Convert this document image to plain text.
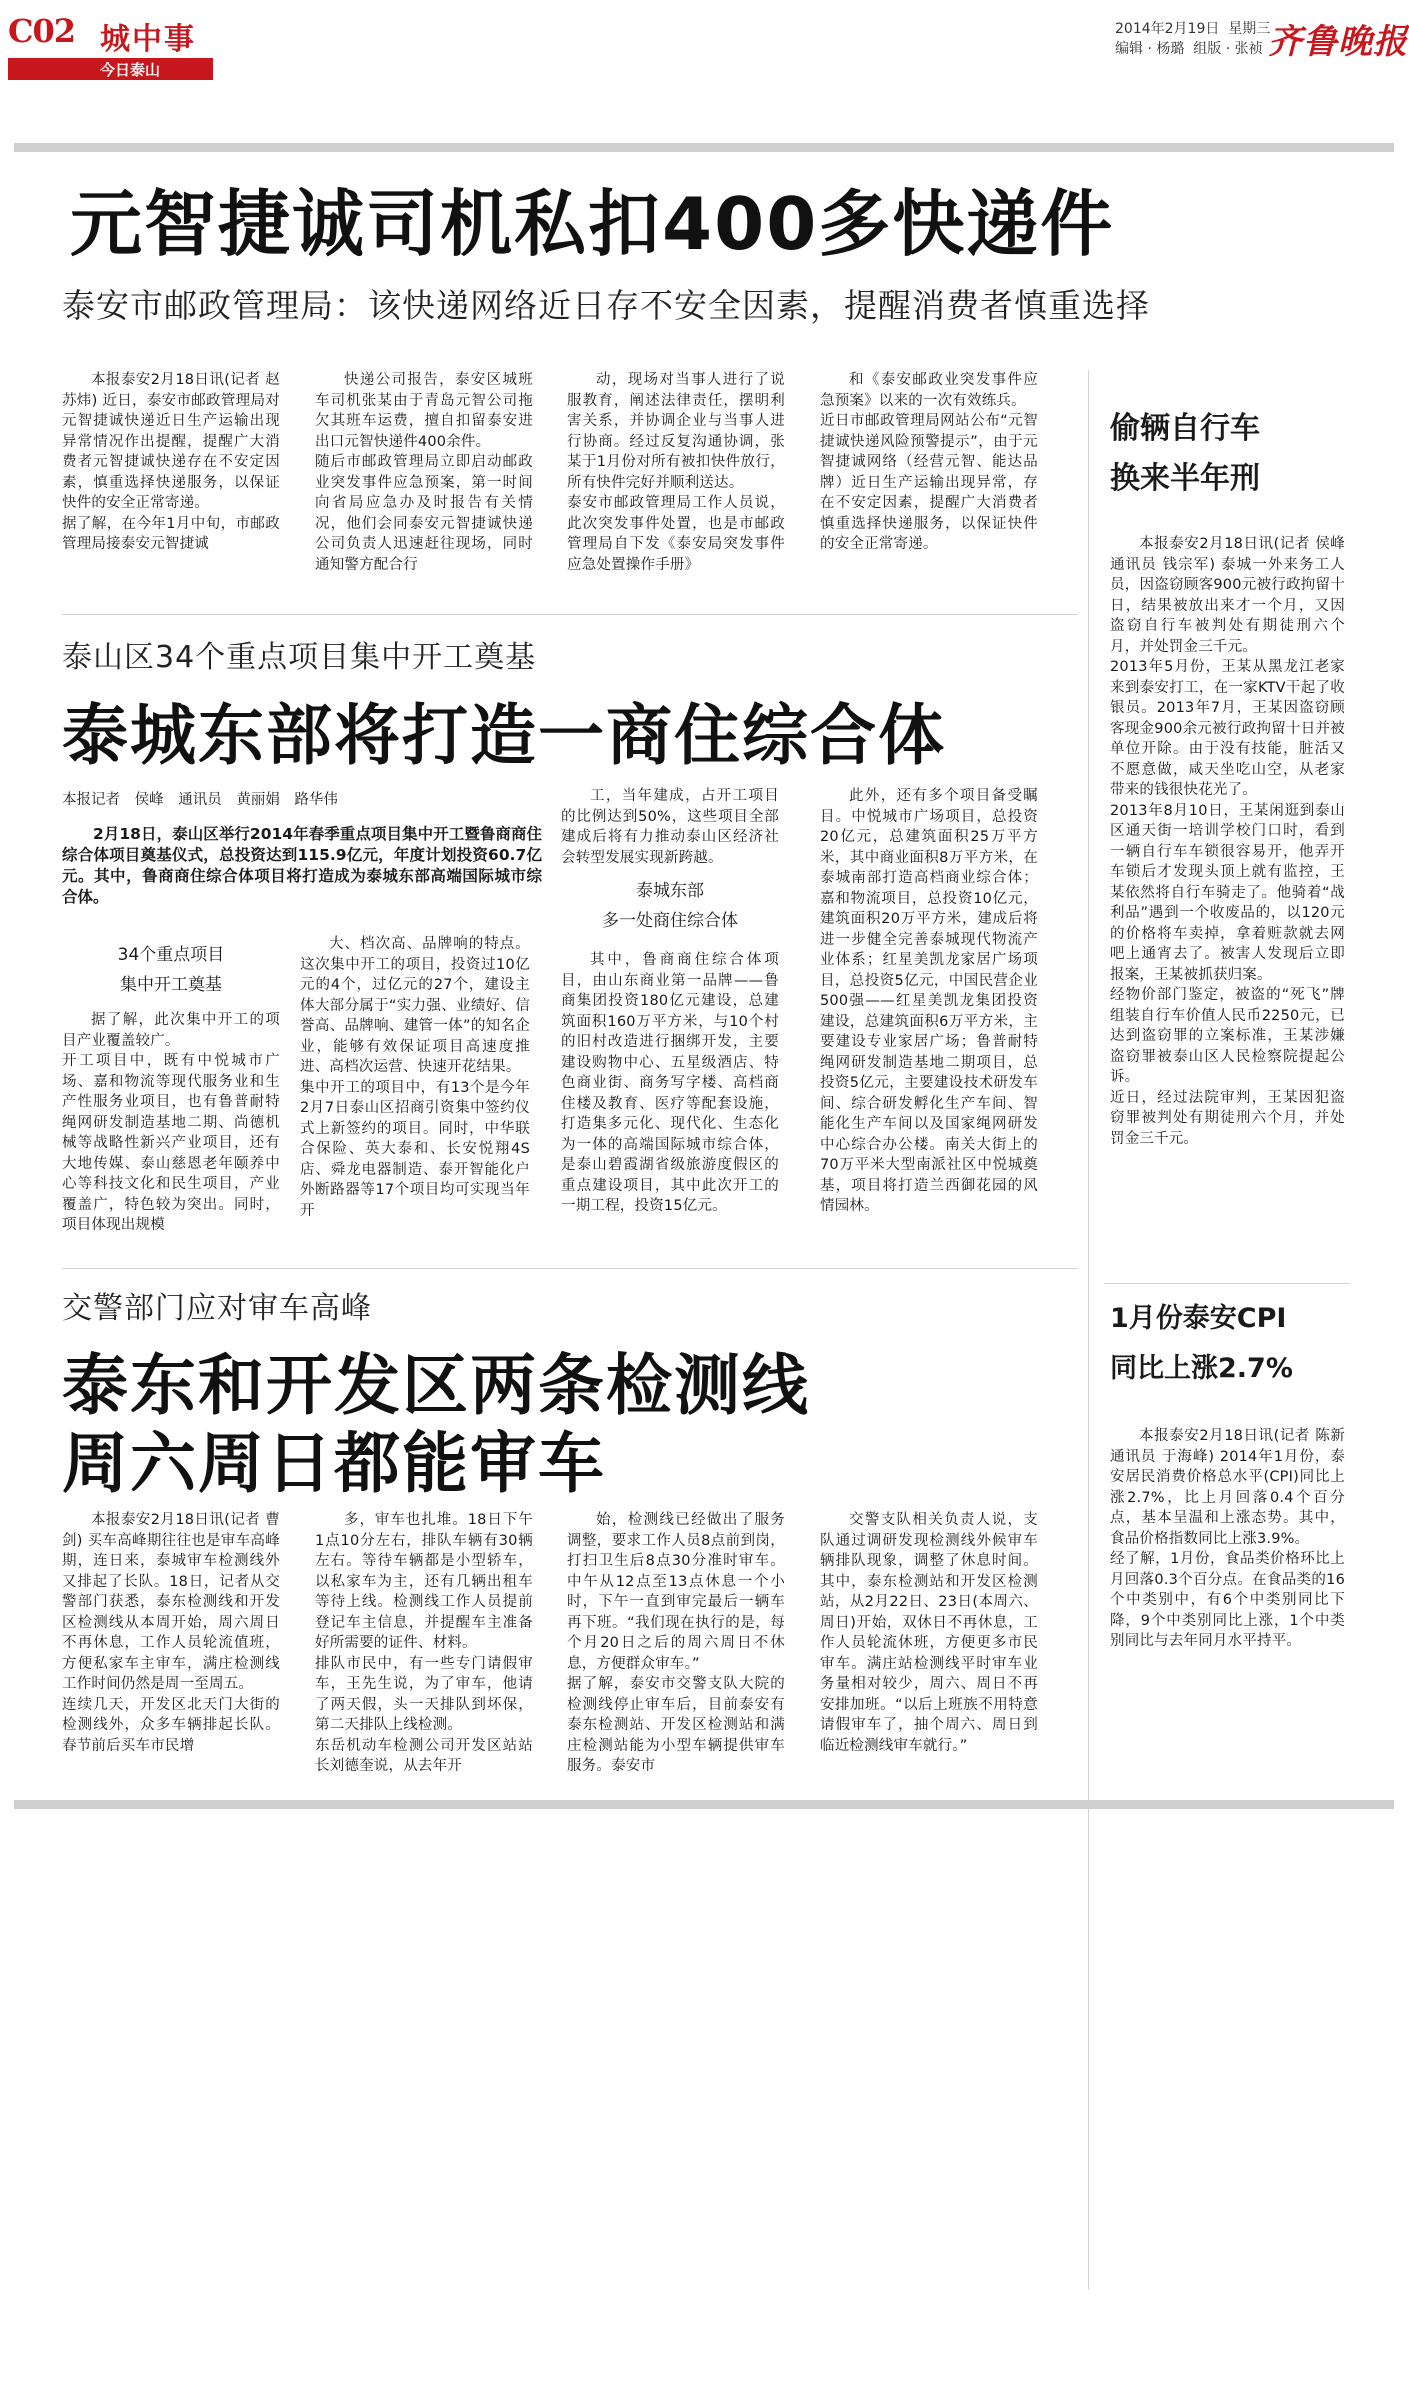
C02 城中事
今日泰山
2014年2月19日 星期三
编辑 · 杨璐 组版 · 张祯 齐鲁晚报
元智捷诚司机私扣400多快递件
泰安市邮政管理局：该快递网络近日存不安全因素，提醒消费者慎重选择

本报泰安2月18日讯(记者 赵苏炜) 近日，泰安市邮政管理局对元智捷诚快递近日生产运输出现异常情况作出提醒，提醒广大消费者元智捷诚快递存在不安定因素，慎重选择快递服务，以保证快件的安全正常寄递。
据了解，在今年1月中旬，市邮政管理局接泰安元智捷诚

快递公司报告，泰安区城班车司机张某由于青岛元智公司拖欠其班车运费，擅自扣留泰安进出口元智快递件400余件。
随后市邮政管理局立即启动邮政业突发事件应急预案，第一时间向省局应急办及时报告有关情况，他们会同泰安元智捷诚快递公司负责人迅速赶往现场，同时通知警方配合行

动，现场对当事人进行了说服教育，阐述法律责任，摆明利害关系，并协调企业与当事人进行协商。经过反复沟通协调，张某于1月份对所有被扣快件放行，所有快件完好并顺利送达。
泰安市邮政管理局工作人员说，此次突发事件处置，也是市邮政管理局自下发《泰安局突发事件应急处置操作手册》

和《泰安邮政业突发事件应急预案》以来的一次有效练兵。
近日市邮政管理局网站公布“元智捷诚快递风险预警提示”，由于元智捷诚网络（经营元智、能达品牌）近日生产运输出现异常，存在不安定因素，提醒广大消费者慎重选择快递服务，以保证快件的安全正常寄递。

泰山区34个重点项目集中开工奠基
泰城东部将打造一商住综合体
本报记者 侯峰 通讯员 黄丽娟 路华伟

2月18日，泰山区举行2014年春季重点项目集中开工暨鲁商商住综合体项目奠基仪式，总投资达到115.9亿元，年度计划投资60.7亿元。其中，鲁商商住综合体项目将打造成为泰城东部高端国际城市综合体。

34个重点项目
集中开工奠基

据了解，此次集中开工的项目产业覆盖较广。
开工项目中，既有中悦城市广场、嘉和物流等现代服务业和生产性服务业项目，也有鲁普耐特绳网研发制造基地二期、尚德机械等战略性新兴产业项目，还有大地传媒、泰山慈恩老年颐养中心等科技文化和民生项目，产业覆盖广，特色较为突出。同时，项目体现出规模

大、档次高、品牌响的特点。这次集中开工的项目，投资过10亿元的4个，过亿元的27个，建设主体大部分属于“实力强、业绩好、信誉高、品牌响、建管一体”的知名企业，能够有效保证项目高速度推进、高档次运营、快速开花结果。
集中开工的项目中，有13个是今年2月7日泰山区招商引资集中签约仪式上新签约的项目。同时，中华联合保险、英大泰和、长安悦翔4S店、舜龙电器制造、泰开智能化户外断路器等17个项目均可实现当年开

工，当年建成，占开工项目的比例达到50%，这些项目全部建成后将有力推动泰山区经济社会转型发展实现新跨越。

泰城东部
多一处商住综合体

其中，鲁商商住综合体项目，由山东商业第一品牌——鲁商集团投资180亿元建设，总建筑面积160万平方米，与10个村的旧村改造进行捆绑开发，主要建设购物中心、五星级酒店、特色商业街、商务写字楼、高档商住楼及教育、医疗等配套设施，打造集多元化、现代化、生态化为一体的高端国际城市综合体，是泰山碧霞湖省级旅游度假区的重点建设项目，其中此次开工的一期工程，投资15亿元。

此外，还有多个项目备受瞩目。中悦城市广场项目，总投资20亿元，总建筑面积25万平方米，其中商业面积8万平方米，在泰城南部打造高档商业综合体；嘉和物流项目，总投资10亿元，建筑面积20万平方米，建成后将进一步健全完善泰城现代物流产业体系；红星美凯龙家居广场项目，总投资5亿元，中国民营企业500强——红星美凯龙集团投资建设，总建筑面积6万平方米，主要建设专业家居广场；鲁普耐特绳网研发制造基地二期项目，总投资5亿元，主要建设技术研发车间、综合研发孵化生产车间、智能化生产车间以及国家绳网研发中心综合办公楼。南关大街上的70万平米大型南派社区中悦城奠基，项目将打造兰西御花园的风情园林。

交警部门应对审车高峰
泰东和开发区两条检测线
周六周日都能审车

本报泰安2月18日讯(记者 曹剑) 买车高峰期往往也是审车高峰期，连日来，泰城审车检测线外又排起了长队。18日，记者从交警部门获悉，泰东检测线和开发区检测线从本周开始，周六周日不再休息，工作人员轮流值班，方便私家车主审车，满庄检测线工作时间仍然是周一至周五。
连续几天，开发区北天门大街的检测线外，众多车辆排起长队。春节前后买车市民增

多，审车也扎堆。18日下午1点10分左右，排队车辆有30辆左右。等待车辆都是小型轿车，以私家车为主，还有几辆出租车等待上线。检测线工作人员提前登记车主信息，并提醒车主准备好所需要的证件、材料。
排队市民中，有一些专门请假审车，王先生说，为了审车，他请了两天假，头一天排队到坏保，第二天排队上线检测。
东岳机动车检测公司开发区站站长刘德奎说，从去年开

始，检测线已经做出了服务调整，要求工作人员8点前到岗，打扫卫生后8点30分准时审车。中午从12点至13点休息一个小时，下午一直到审完最后一辆车再下班。“我们现在执行的是，每个月20日之后的周六周日不休息，方便群众审车。”
据了解，泰安市交警支队大院的检测线停止审车后，目前泰安有泰东检测站、开发区检测站和满庄检测站能为小型车辆提供审车服务。泰安市

交警支队相关负责人说，支队通过调研发现检测线外候审车辆排队现象，调整了休息时间。其中，泰东检测站和开发区检测站，从2月22日、23日(本周六、周日)开始，双休日不再休息，工作人员轮流休班，方便更多市民审车。满庄站检测线平时审车业务量相对较少，周六、周日不再安排加班。“以后上班族不用特意请假审车了，抽个周六、周日到临近检测线审车就行。”

偷辆自行车
换来半年刑

本报泰安2月18日讯(记者 侯峰 通讯员 钱宗军) 泰城一外来务工人员，因盗窃顾客900元被行政拘留十日，结果被放出来才一个月，又因盗窃自行车被判处有期徒刑六个月，并处罚金三千元。
2013年5月份，王某从黑龙江老家来到泰安打工，在一家KTV干起了收银员。2013年7月，王某因盗窃顾客现金900余元被行政拘留十日并被单位开除。由于没有技能，脏活又不愿意做，咸天坐吃山空，从老家带来的钱很快花光了。
2013年8月10日，王某闲逛到泰山区通天街一培训学校门口时，看到一辆自行车车锁很容易开，他弄开车锁后才发现头顶上就有监控，王某依然将自行车骑走了。他骑着“战利品”遇到一个收废品的，以120元的价格将车卖掉，拿着赃款就去网吧上通宵去了。被害人发现后立即报案，王某被抓获归案。
经物价部门鉴定，被盗的“死飞”牌组装自行车价值人民币2250元，已达到盗窃罪的立案标准，王某涉嫌盗窃罪被泰山区人民检察院提起公诉。
近日，经过法院审判，王某因犯盗窃罪被判处有期徒刑六个月，并处罚金三千元。

1月份泰安CPI
同比上涨2.7%

本报泰安2月18日讯(记者 陈新 通讯员 于海峰) 2014年1月份，泰安居民消费价格总水平(CPI)同比上涨2.7%，比上月回落0.4个百分点，基本呈温和上涨态势。其中，食品价格指数同比上涨3.9%。
经了解，1月份，食品类价格环比上月回落0.3个百分点。在食品类的16个中类别中，有6个中类别同比下降，9个中类别同比上涨，1个中类别同比与去年同月水平持平。
